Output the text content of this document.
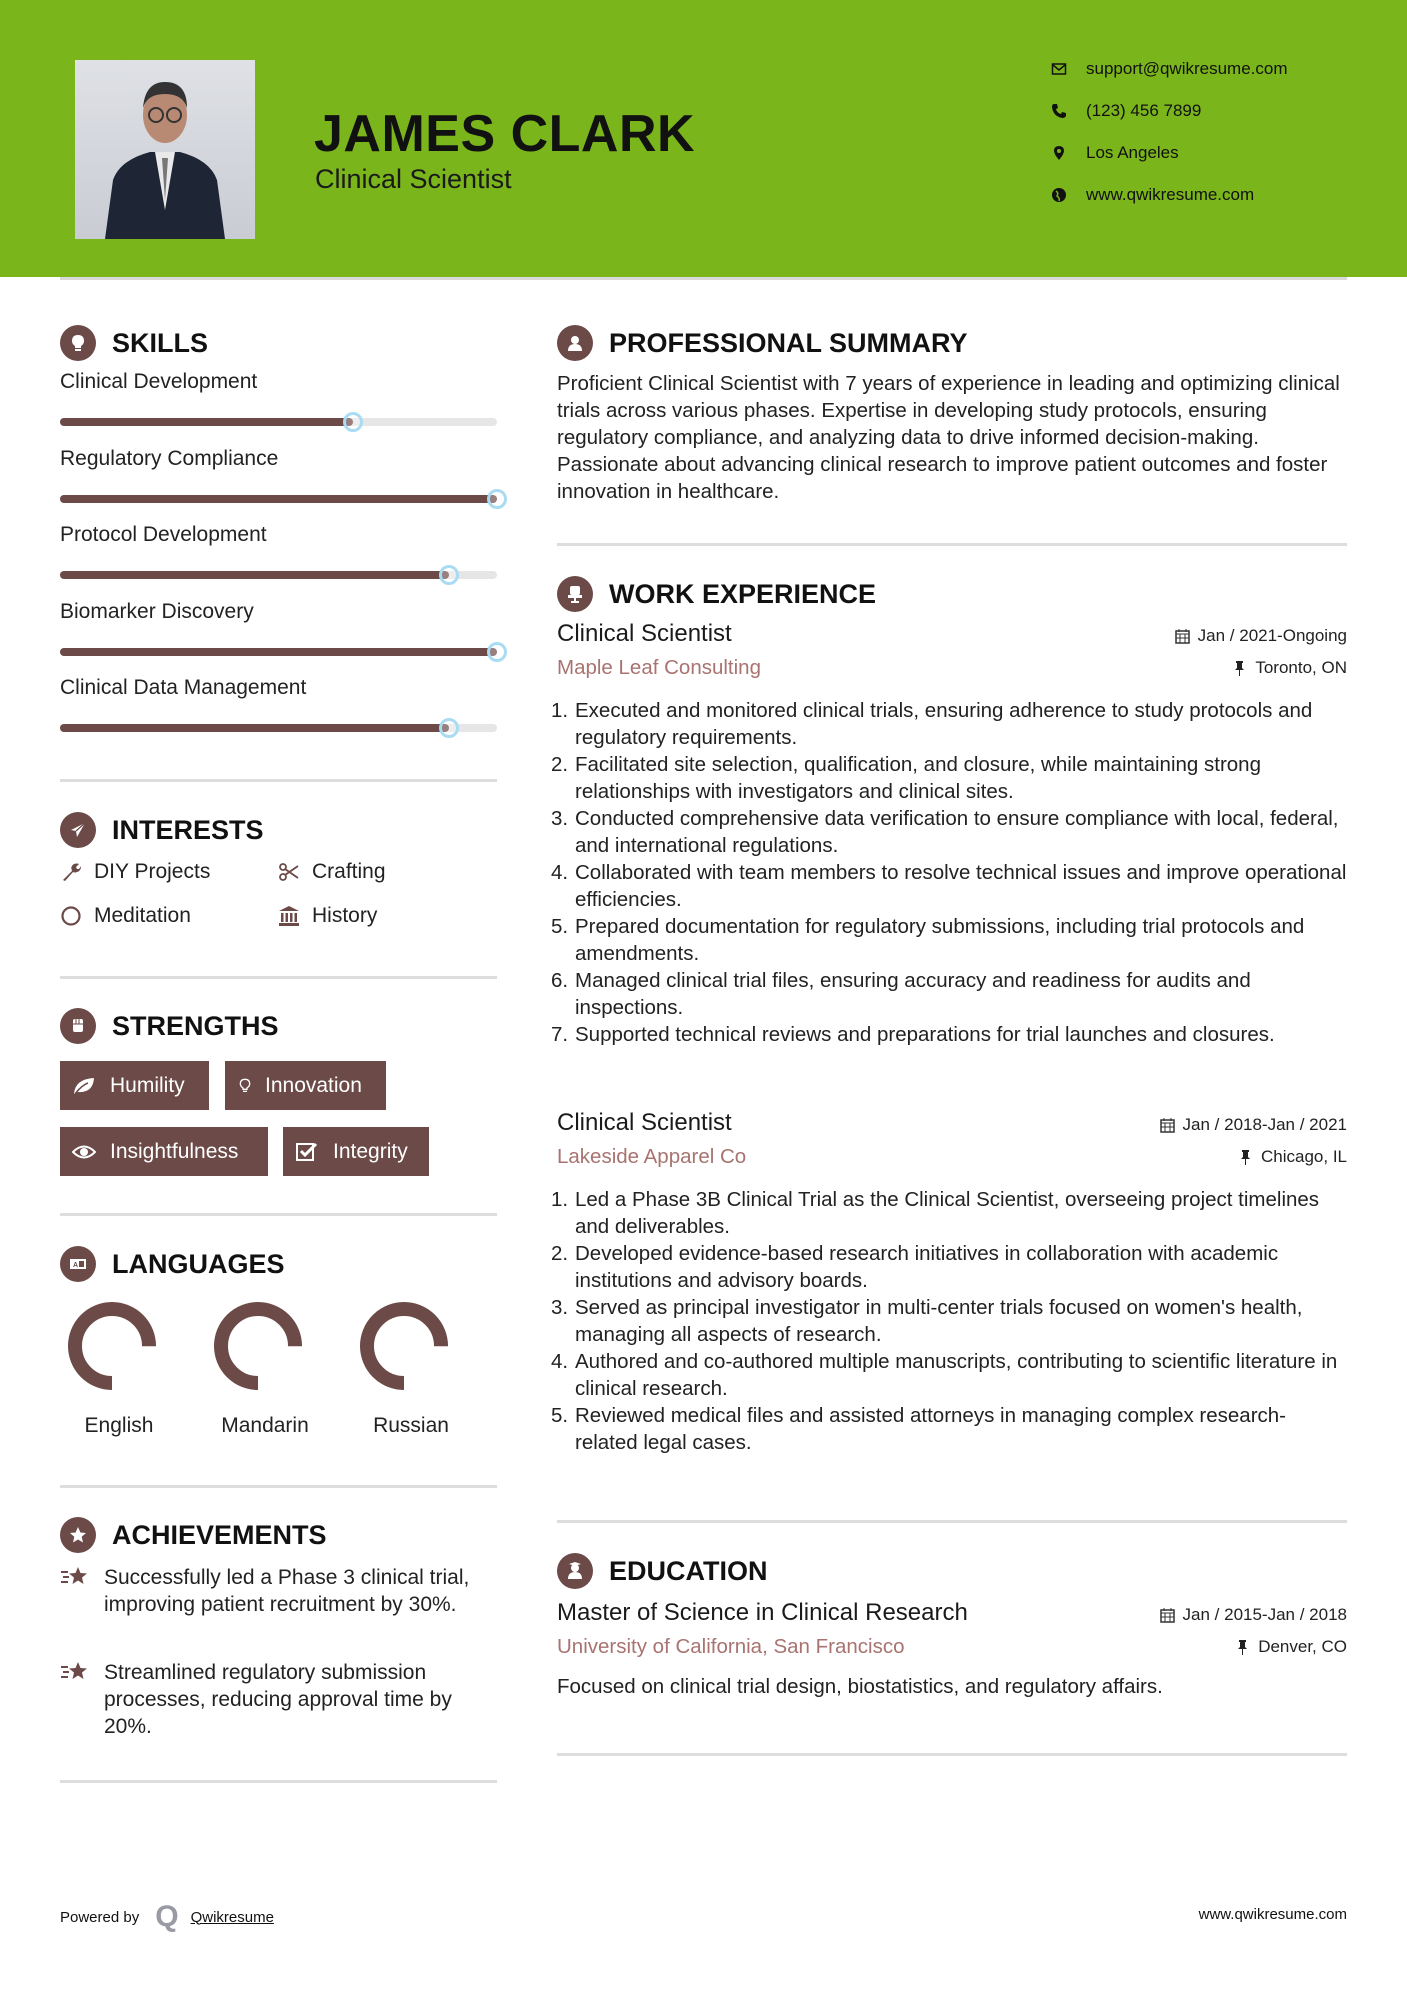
JAMES CLARK
Clinical Scientist
support@qwikresume.com
(123) 456 7899
Los Angeles
www.qwikresume.com
SKILLS
Clinical Development
Regulatory Compliance
Protocol Development
Biomarker Discovery
Clinical Data Management
INTERESTS
DIY Projects	Crafting
Meditation	History
STRENGTHS
Humility	Innovation
Insightfulness	Integrity
A LANGUAGES
English	Mandarin	Russian
ACHIEVEMENTS
Successfully led a Phase 3 clinical trial, improving patient recruitment by 30%.
Streamlined regulatory submission processes, reducing approval time by 20%.
PROFESSIONAL SUMMARY
Proficient Clinical Scientist with 7 years of experience in leading and optimizing clinical trials across various phases. Expertise in developing study protocols, ensuring regulatory compliance, and analyzing data to drive informed decision-making. Passionate about advancing clinical research to improve patient outcomes and foster innovation in healthcare.
WORK EXPERIENCE
Clinical Scientist
Maple Leaf Consulting
Jan / 2021-Ongoing
Toronto, ON
1. Executed and monitored clinical trials, ensuring adherence to study protocols and regulatory requirements.
2. Facilitated site selection, qualification, and closure, while maintaining strong relationships with investigators and clinical sites.
3. Conducted comprehensive data verification to ensure compliance with local, federal, and international regulations.
4. Collaborated with team members to resolve technical issues and improve operational efficiencies.
5. Prepared documentation for regulatory submissions, including trial protocols and amendments.
6. Managed clinical trial files, ensuring accuracy and readiness for audits and inspections.
7. Supported technical reviews and preparations for trial launches and closures.
Clinical Scientist
Lakeside Apparel Co
Jan / 2018-Jan / 2021
Chicago, IL
1. Led a Phase 3B Clinical Trial as the Clinical Scientist, overseeing project timelines and deliverables.
2. Developed evidence-based research initiatives in collaboration with academic institutions and advisory boards.
3. Served as principal investigator in multi-center trials focused on women's health, managing all aspects of research.
4. Authored and co-authored multiple manuscripts, contributing to scientific literature in clinical research.
5. Reviewed medical files and assisted attorneys in managing complex research-related legal cases.
EDUCATION
Master of Science in Clinical Research
University of California, San Francisco
Jan / 2015-Jan / 2018
Denver, CO
Focused on clinical trial design, biostatistics, and regulatory affairs.
Powered by Q Qwikresume	www.qwikresume.com
